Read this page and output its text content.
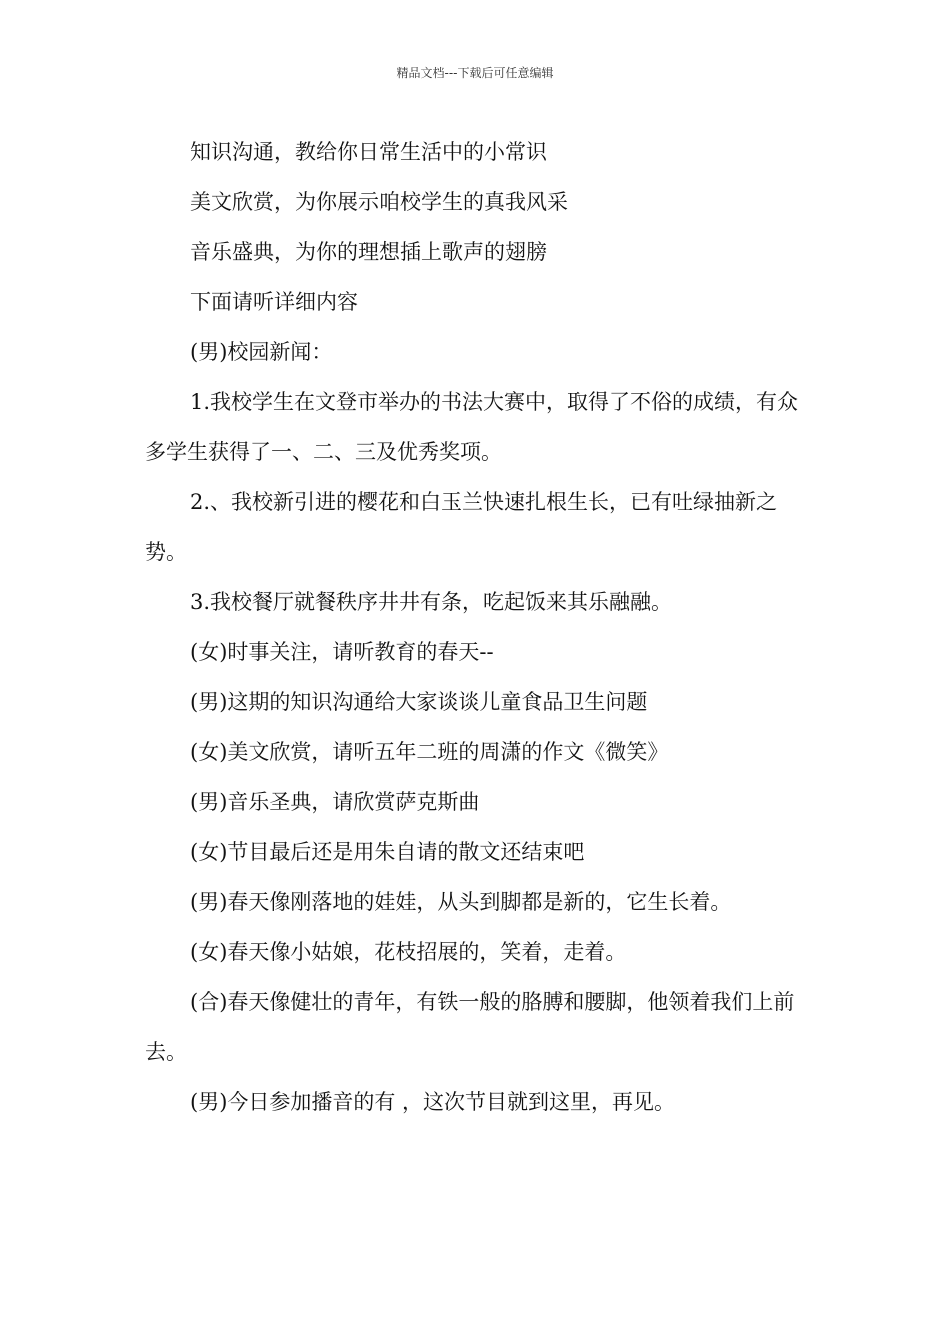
精品文档---下载后可任意编辑

知识沟通，教给你日常生活中的小常识

美文欣赏，为你展示咱校学生的真我风采

音乐盛典，为你的理想插上歌声的翅膀

下面请听详细内容

(男)校园新闻：

1.我校学生在文登市举办的书法大赛中，取得了不俗的成绩，有众多学生获得了一、二、三及优秀奖项。

2.、我校新引进的樱花和白玉兰快速扎根生长，已有吐绿抽新之势。

3.我校餐厅就餐秩序井井有条，吃起饭来其乐融融。

(女)时事关注，请听教育的春天--

(男)这期的知识沟通给大家谈谈儿童食品卫生问题

(女)美文欣赏，请听五年二班的周潇的作文《微笑》

(男)音乐圣典，请欣赏萨克斯曲

(女)节目最后还是用朱自请的散文还结束吧

(男)春天像刚落地的娃娃，从头到脚都是新的，它生长着。

(女)春天像小姑娘，花枝招展的，笑着，走着。

(合)春天像健壮的青年，有铁一般的胳膊和腰脚，他领着我们上前去。

(男)今日参加播音的有 ，这次节目就到这里，再见。
